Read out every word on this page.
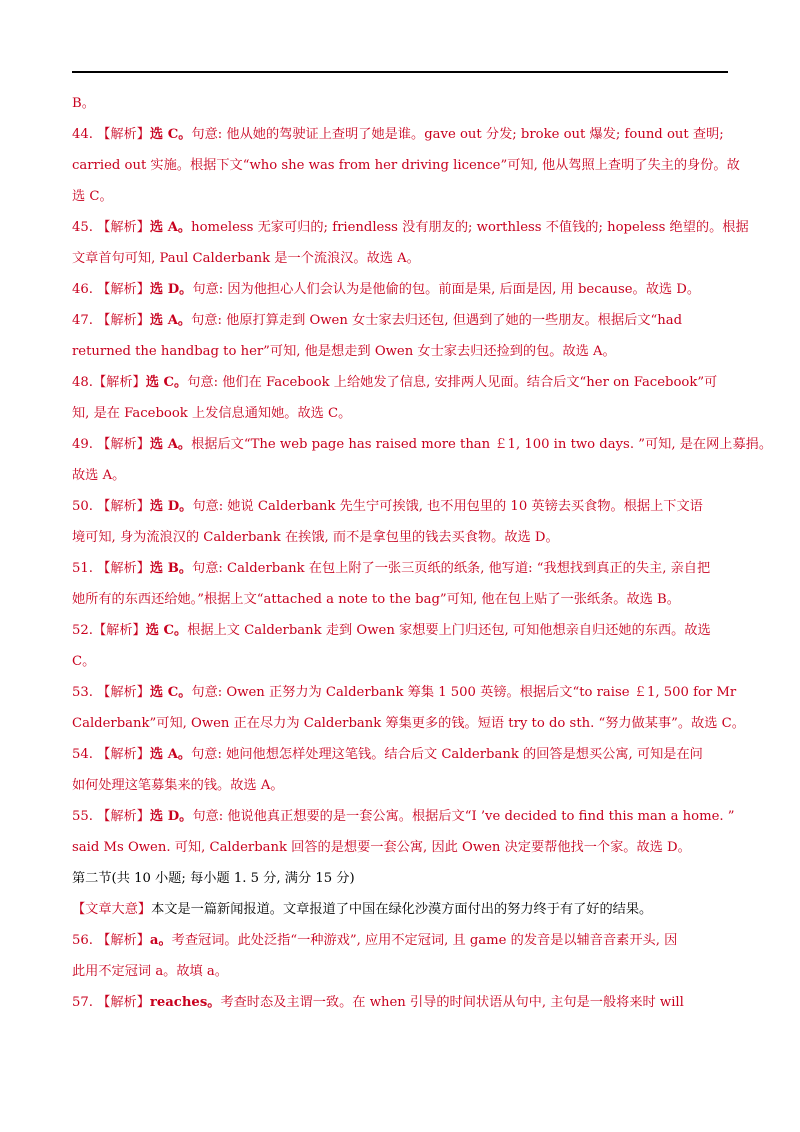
B。
44. 【解析】选 C。句意: 他从她的驾驶证上查明了她是谁。gave out 分发; broke out 爆发; found out 查明;
carried out 实施。根据下文“who she was from her driving licence”可知, 他从驾照上查明了失主的身份。故
选 C。
45. 【解析】选 A。homeless 无家可归的; friendless 没有朋友的; worthless 不值钱的; hopeless 绝望的。根据
文章首句可知, Paul Calderbank 是一个流浪汉。故选 A。
46. 【解析】选 D。句意: 因为他担心人们会认为是他偷的包。前面是果, 后面是因, 用 because。故选 D。
47. 【解析】选 A。句意: 他原打算走到 Owen 女士家去归还包, 但遇到了她的一些朋友。根据后文“had
returned the handbag to her”可知, 他是想走到 Owen 女士家去归还捡到的包。故选 A。
48.【解析】选 C。句意: 他们在 Facebook 上给她发了信息, 安排两人见面。结合后文“her on Facebook”可
知, 是在 Facebook 上发信息通知她。故选 C。
49. 【解析】选 A。根据后文“The web page has raised more than ￡1, 100 in two days. ”可知, 是在网上募捐。
故选 A。
50. 【解析】选 D。句意: 她说 Calderbank 先生宁可挨饿, 也不用包里的 10 英镑去买食物。根据上下文语
境可知, 身为流浪汉的 Calderbank 在挨饿, 而不是拿包里的钱去买食物。故选 D。
51. 【解析】选 B。句意: Calderbank 在包上附了一张三页纸的纸条, 他写道: “我想找到真正的失主, 亲自把
她所有的东西还给她。”根据上文“attached a note to the bag”可知, 他在包上贴了一张纸条。故选 B。
52.【解析】选 C。根据上文 Calderbank 走到 Owen 家想要上门归还包, 可知他想亲自归还她的东西。故选
C。
53. 【解析】选 C。句意: Owen 正努力为 Calderbank 筹集 1 500 英镑。根据后文“to raise ￡1, 500 for Mr
Calderbank”可知, Owen 正在尽力为 Calderbank 筹集更多的钱。短语 try to do sth. “努力做某事”。故选 C。
54. 【解析】选 A。句意: 她问他想怎样处理这笔钱。结合后文 Calderbank 的回答是想买公寓, 可知是在问
如何处理这笔募集来的钱。故选 A。
55. 【解析】选 D。句意: 他说他真正想要的是一套公寓。根据后文“I ’ve decided to find this man a home. ”
said Ms Owen. 可知, Calderbank 回答的是想要一套公寓, 因此 Owen 决定要帮他找一个家。故选 D。
第二节(共 10 小题; 每小题 1. 5 分, 满分 15 分)
【文章大意】本文是一篇新闻报道。文章报道了中国在绿化沙漠方面付出的努力终于有了好的结果。
56. 【解析】a。考查冠词。此处泛指“一种游戏”, 应用不定冠词, 且 game 的发音是以辅音音素开头, 因
此用不定冠词 a。故填 a。
57. 【解析】reaches。考查时态及主谓一致。在 when 引导的时间状语从句中, 主句是一般将来时 will
